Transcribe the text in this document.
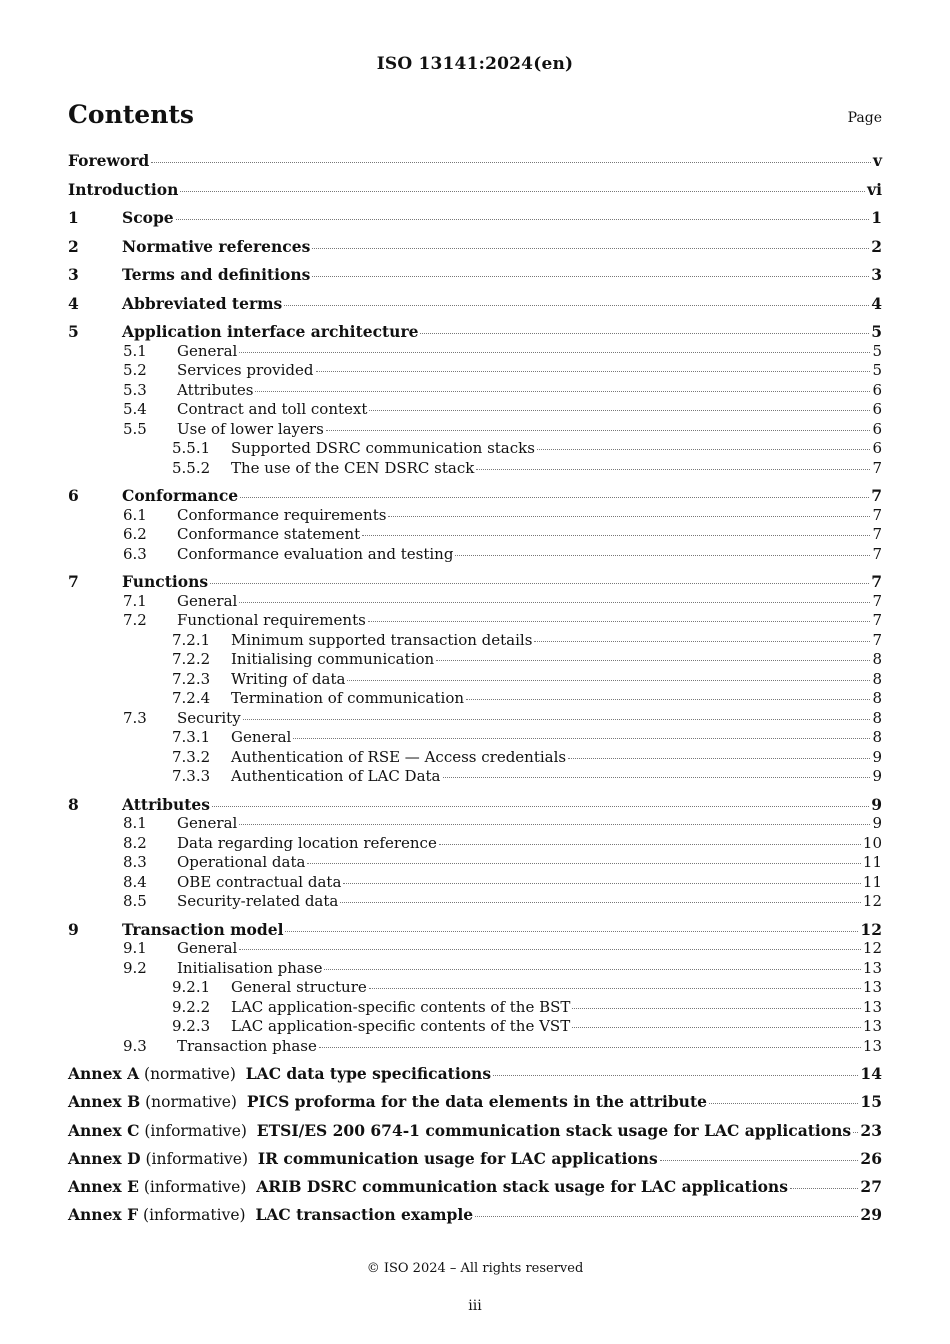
ISO 13141:2024(en)
Contents	Page
Foreword	v
Introduction	vi
1	Scope	1
2	Normative references	2
3	Terms and definitions	3
4	Abbreviated terms	4
5	Application interface architecture	5
5.1	General	5
5.2	Services provided	5
5.3	Attributes	6
5.4	Contract and toll context	6
5.5	Use of lower layers	6
5.5.1	Supported DSRC communication stacks	6
5.5.2	The use of the CEN DSRC stack	7
6	Conformance	7
6.1	Conformance requirements	7
6.2	Conformance statement	7
6.3	Conformance evaluation and testing	7
7	Functions	7
7.1	General	7
7.2	Functional requirements	7
7.2.1	Minimum supported transaction details	7
7.2.2	Initialising communication	8
7.2.3	Writing of data	8
7.2.4	Termination of communication	8
7.3	Security	8
7.3.1	General	8
7.3.2	Authentication of RSE — Access credentials	9
7.3.3	Authentication of LAC Data	9
8	Attributes	9
8.1	General	9
8.2	Data regarding location reference	10
8.3	Operational data	11
8.4	OBE contractual data	11
8.5	Security-related data	12
9	Transaction model	12
9.1	General	12
9.2	Initialisation phase	13
9.2.1	General structure	13
9.2.2	LAC application-specific contents of the BST	13
9.2.3	LAC application-specific contents of the VST	13
9.3	Transaction phase	13
Annex A (normative) LAC data type specifications	14
Annex B (normative) PICS proforma for the data elements in the attribute	15
Annex C (informative) ETSI/ES 200 674-1 communication stack usage for LAC applications 23
Annex D (informative) IR communication usage for LAC applications	26
Annex E (informative) ARIB DSRC communication stack usage for LAC applications	27
Annex F (informative) LAC transaction example	29
© ISO 2024 – All rights reserved
iii
